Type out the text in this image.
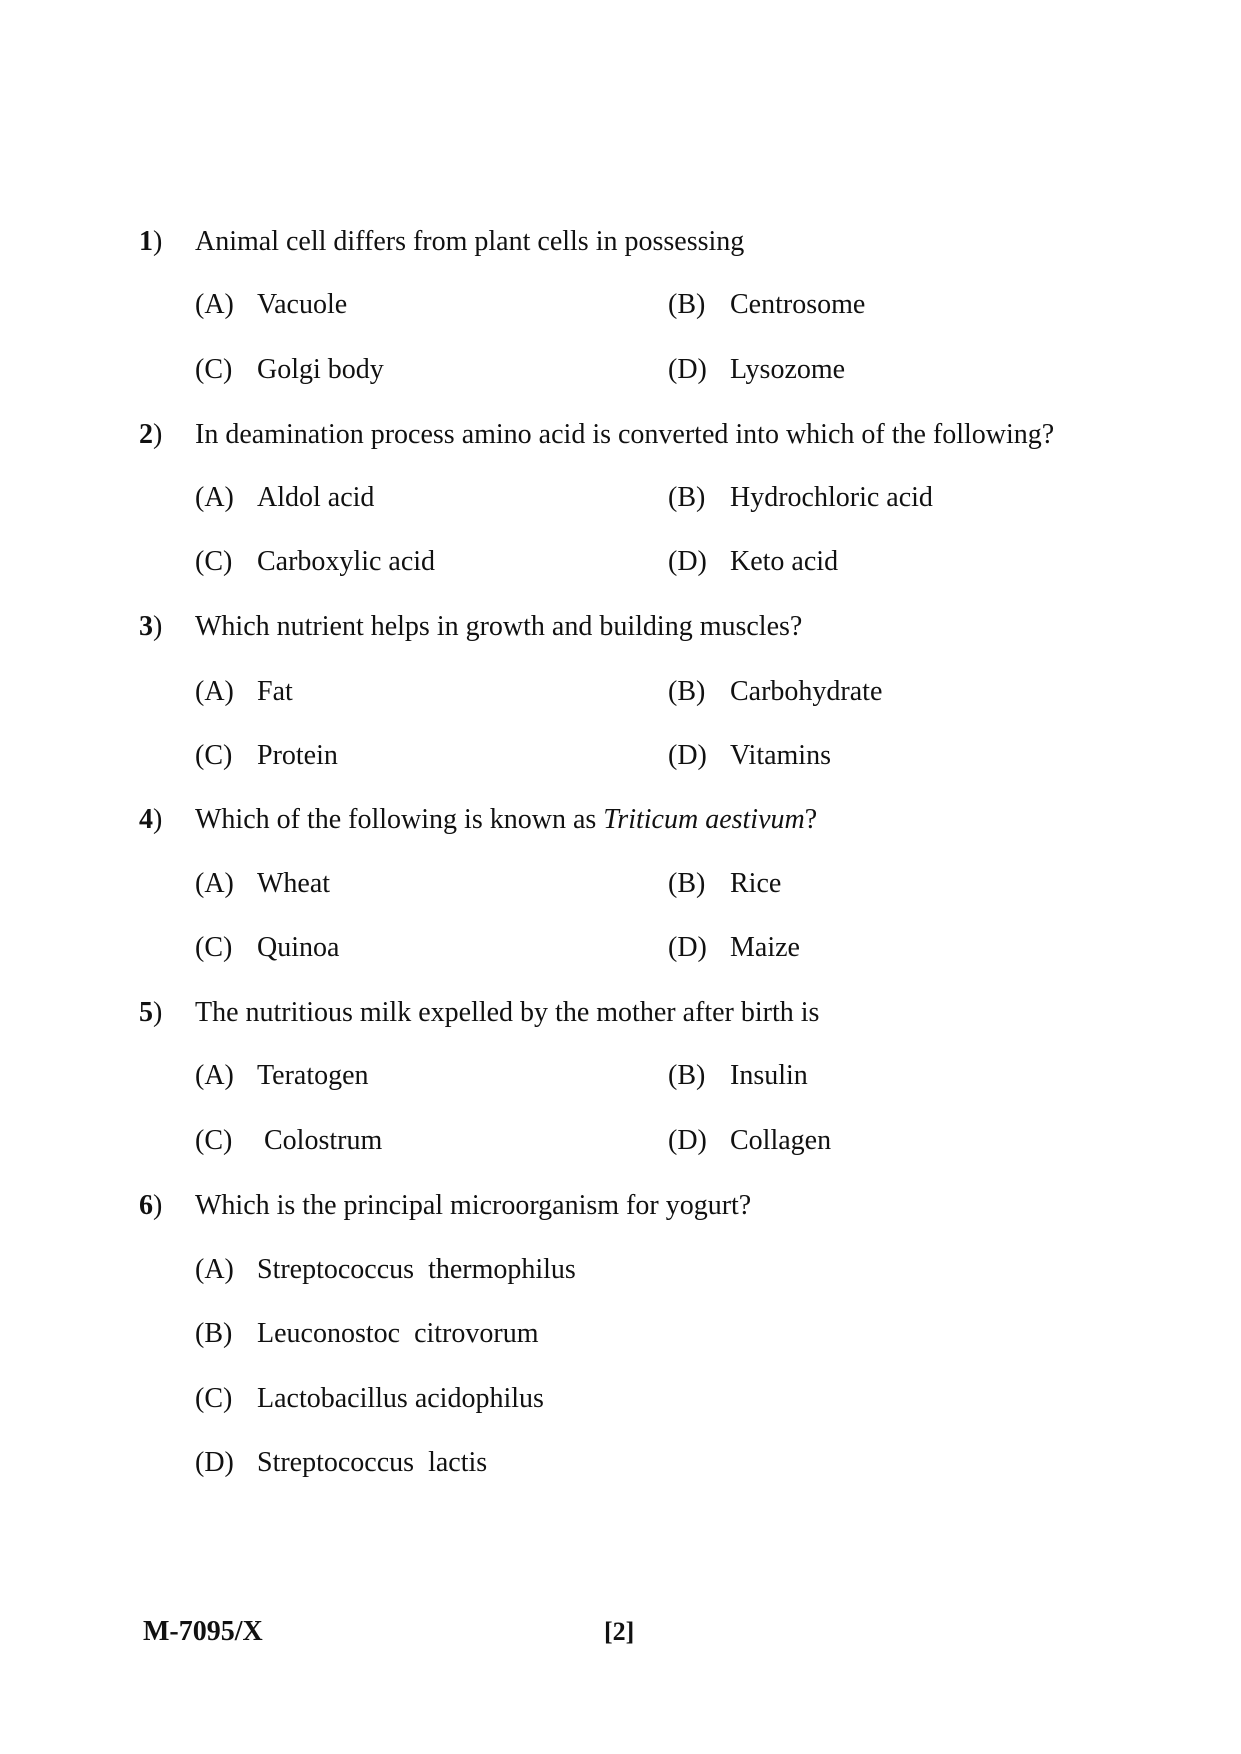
1) Animal cell differs from plant cells in possessing
(A) Vacuole	(B) Centrosome
(C) Golgi body	(D) Lysozome
2) In deamination process amino acid is converted into which of the following?
(A) Aldol acid	(B) Hydrochloric acid
(C) Carboxylic acid	(D) Keto acid
3) Which nutrient helps in growth and building muscles?
(A) Fat	(B) Carbohydrate
(C) Protein	(D) Vitamins
4) Which of the following is known as Triticum aestivum?
(A) Wheat	(B) Rice
(C) Quinoa	(D) Maize
5) The nutritious milk expelled by the mother after birth is
(A) Teratogen	(B) Insulin
(C) Colostrum	(D) Collagen
6) Which is the principal microorganism for yogurt?
(A) Streptococcus  thermophilus
(B) Leuconostoc  citrovorum
(C) Lactobacillus acidophilus
(D) Streptococcus  lactis
M-7095/X	[2]
